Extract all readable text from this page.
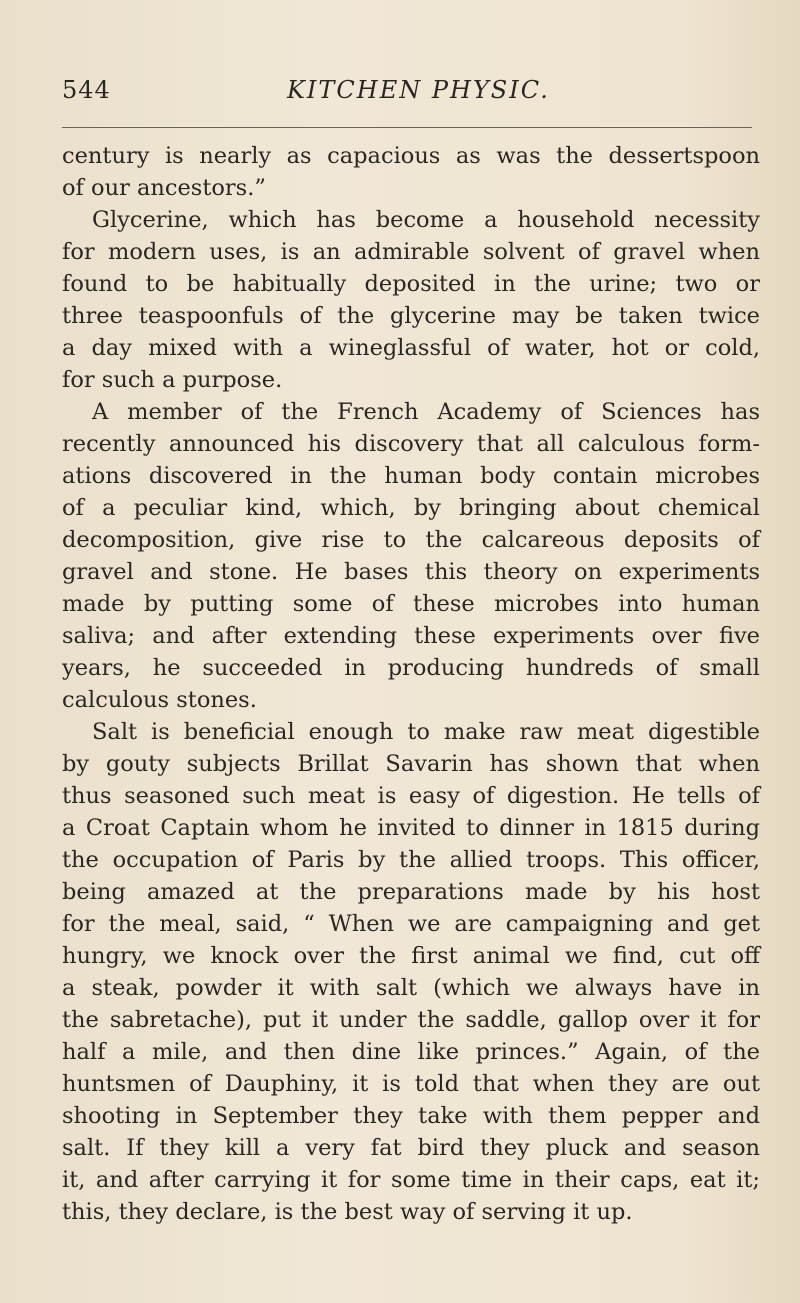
544	KITCHEN PHYSIC.
century is nearly as capacious as was the dessertspoon
of our ancestors.”
Glycerine, which has become a household necessity
for modern uses, is an admirable solvent of gravel when
found to be habitually deposited in the urine; two or
three teaspoonfuls of the glycerine may be taken twice
a day mixed with a wineglassful of water, hot or cold,
for such a purpose.
A member of the French Academy of Sciences has
recently announced his discovery that all calculous form-
ations discovered in the human body contain microbes
of a peculiar kind, which, by bringing about chemical
decomposition, give rise to the calcareous deposits of
gravel and stone. He bases this theory on experiments
made by putting some of these microbes into human
saliva; and after extending these experiments over five
years, he succeeded in producing hundreds of small
calculous stones.
Salt is beneficial enough to make raw meat digestible
by gouty subjects Brillat Savarin has shown that when
thus seasoned such meat is easy of digestion. He tells of
a Croat Captain whom he invited to dinner in 1815 during
the occupation of Paris by the allied troops. This officer,
being amazed at the preparations made by his host
for the meal, said, “ When we are campaigning and get
hungry, we knock over the first animal we find, cut off
a steak, powder it with salt (which we always have in
the sabretache), put it under the saddle, gallop over it for
half a mile, and then dine like princes.” Again, of the
huntsmen of Dauphiny, it is told that when they are out
shooting in September they take with them pepper and
salt. If they kill a very fat bird they pluck and season
it, and after carrying it for some time in their caps, eat it;
this, they declare, is the best way of serving it up.
